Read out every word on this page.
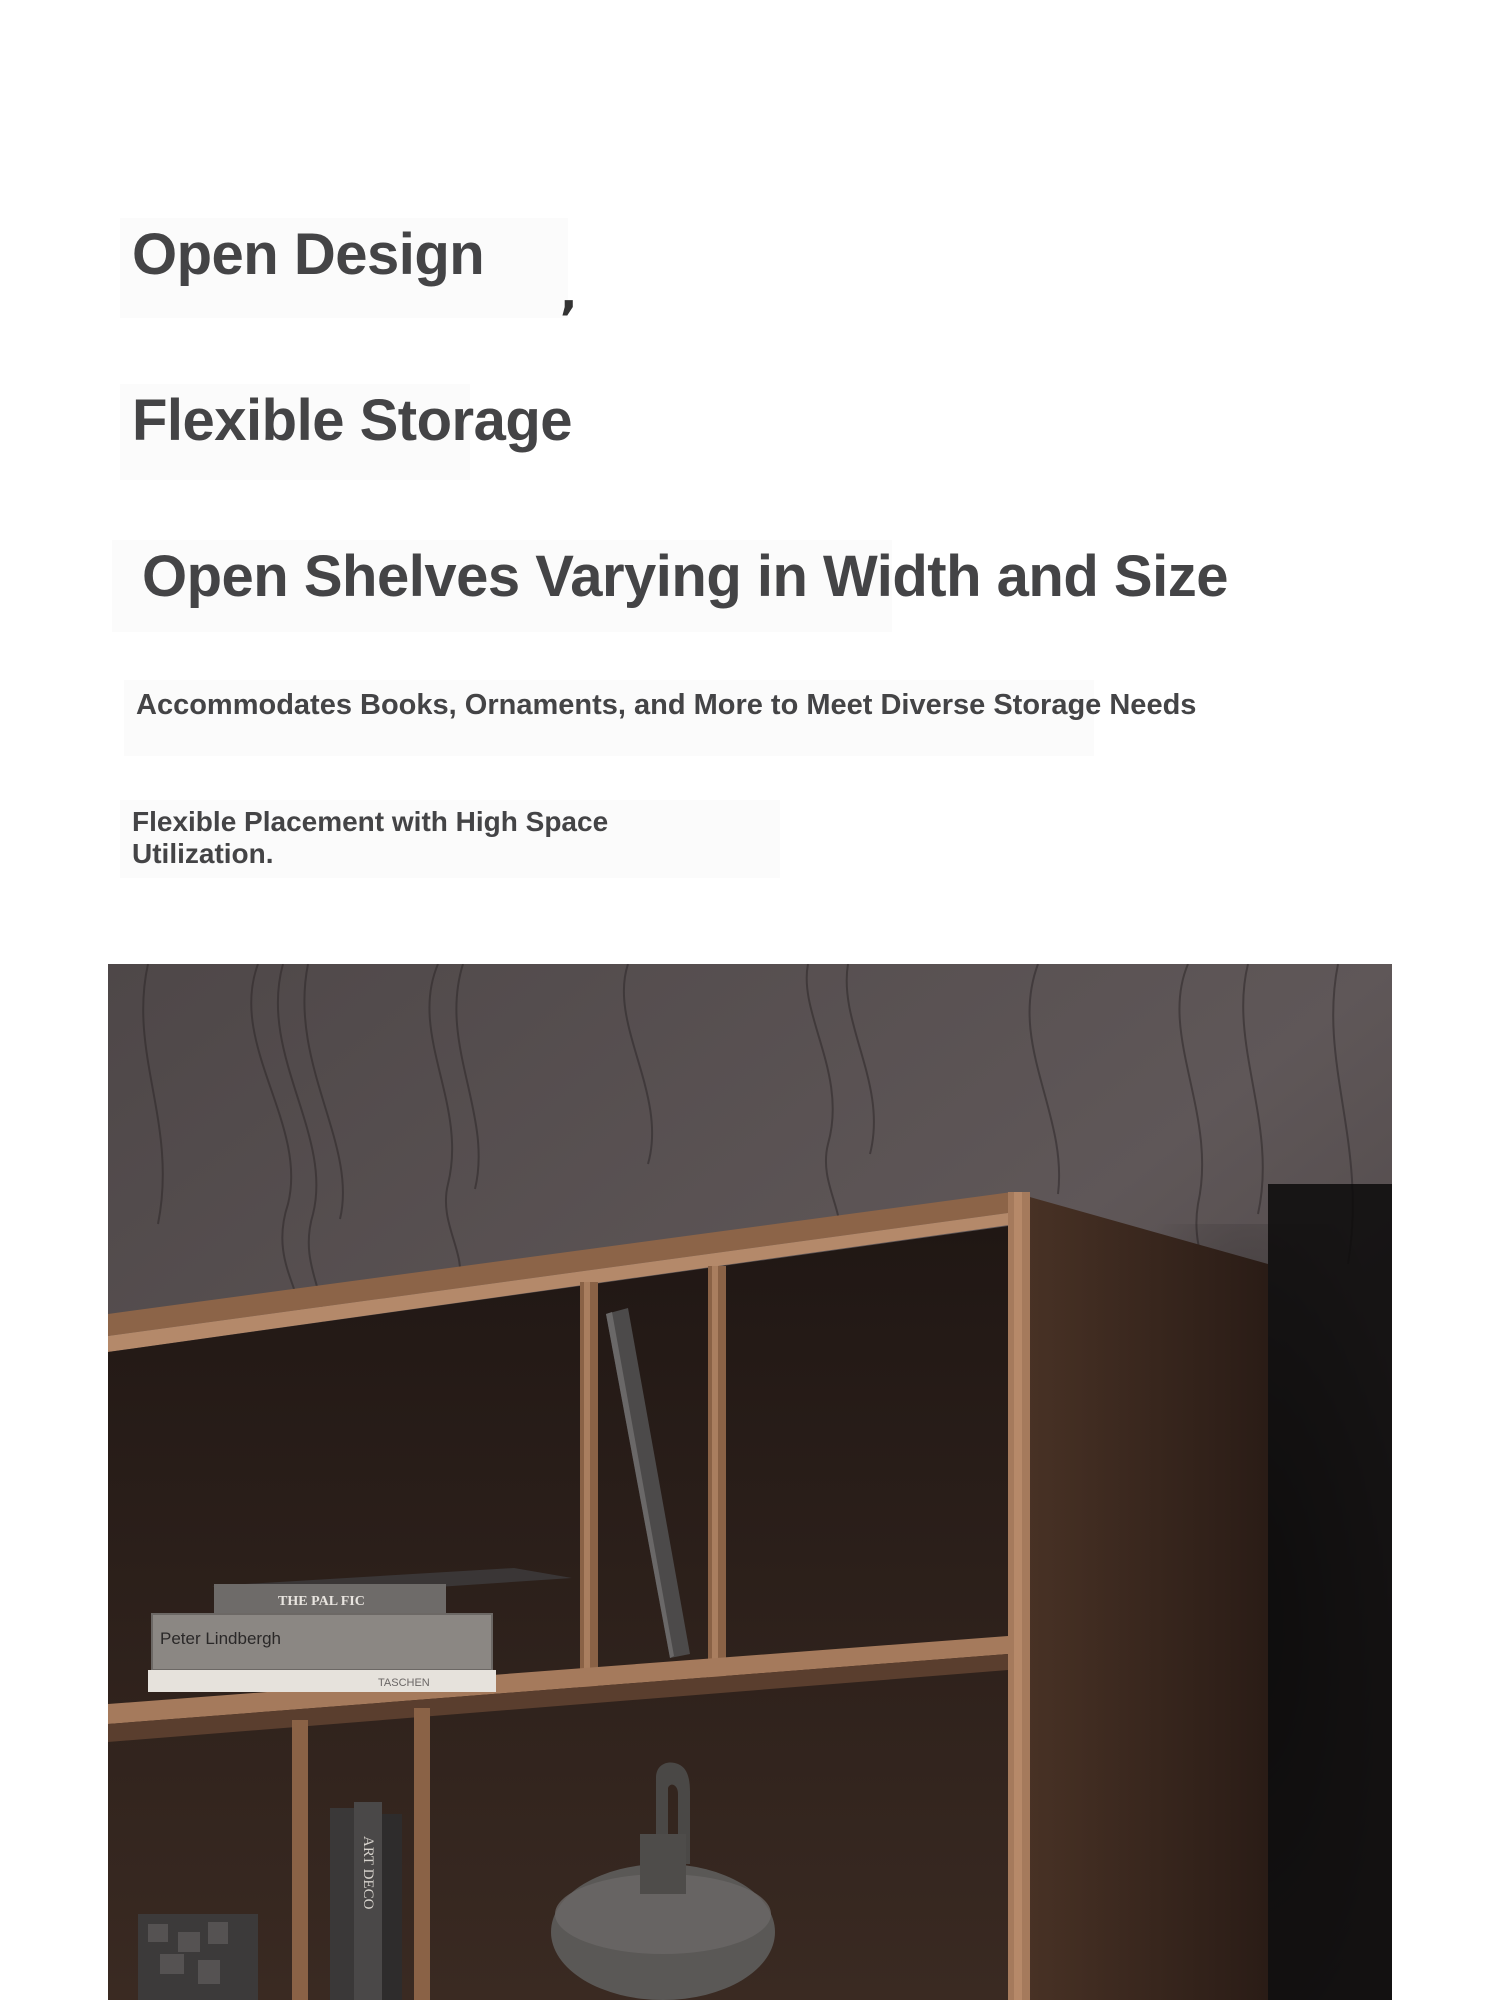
Open Design
,
Flexible Storage
Open Shelves Varying in Width and Size
Accommodates Books, Ornaments, and More to Meet Diverse Storage Needs
Flexible Placement with High Space Utilization.
THE PAL FIC
Peter Lindbergh
TASCHEN
ART DECO
